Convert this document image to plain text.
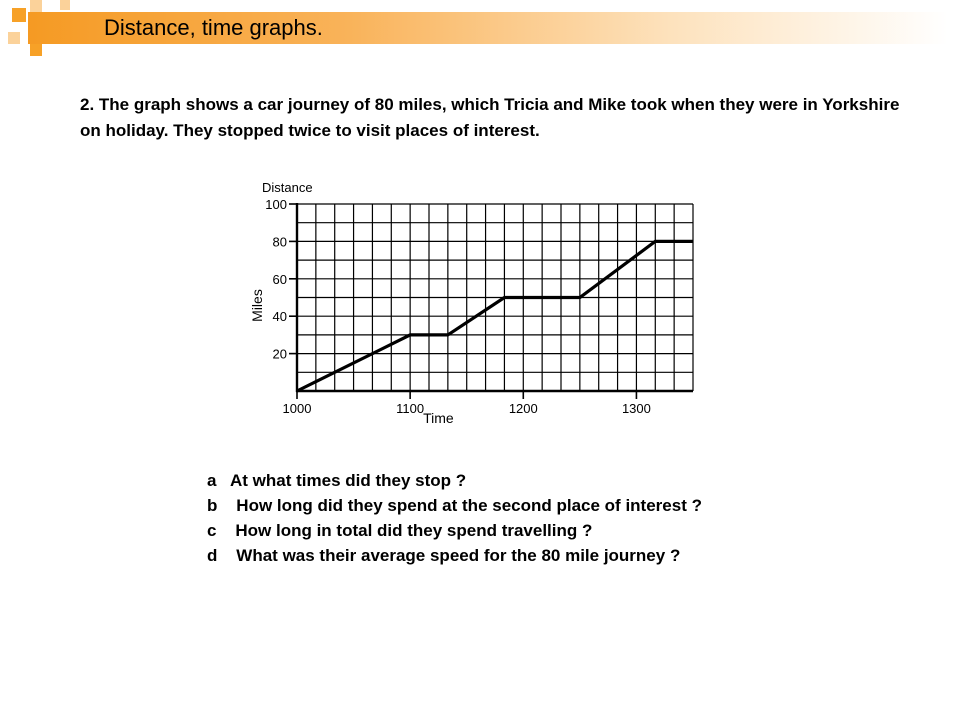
Distance, time graphs.
2. The graph shows a car journey of 80 miles, which Tricia and Mike took when they were in Yorkshire on holiday. They stopped twice to visit places of interest.
20
40
60
80
100
1000	1100	1200	1300
Distance
Miles
Time
a At what times did they stop ?
b How long did they spend at the second place of interest ?
c How long in total did they spend travelling ?
d What was their average speed for the 80 mile journey ?
